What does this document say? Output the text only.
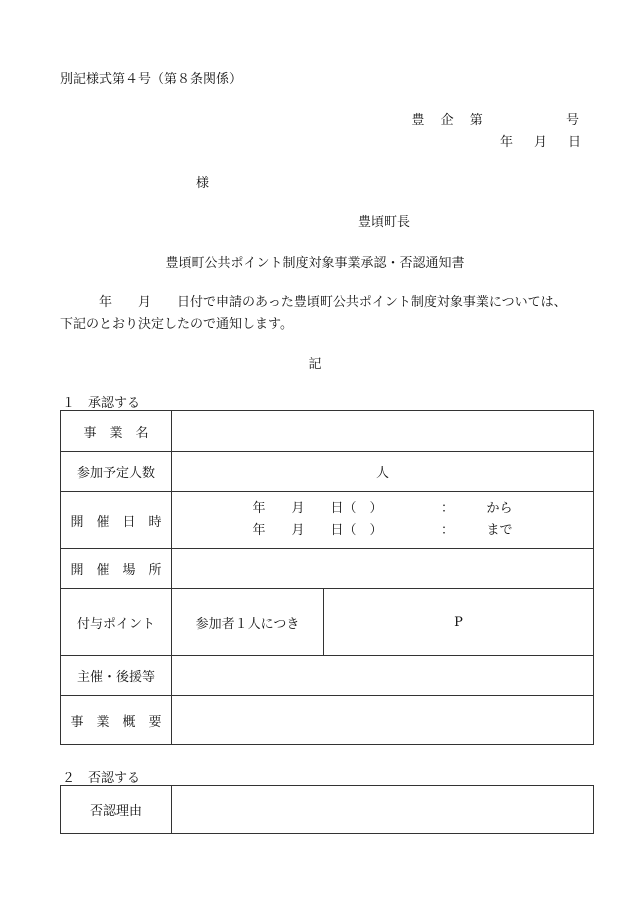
別記様式第４号（第８条関係）
豊 企 第 　　　 号
年　月　日
様
豊頃町長
豊頃町公共ポイント制度対象事業承認・否認通知書
　　　年　　月　　日付で申請のあった豊頃町公共ポイント制度対象事業については、
下記のとおり決定したので通知します。
記
１　承認する
事　業　名		
参加予定人数	人	
開　催　日　時	年　　月　　日（　）　　　　　：　　　から
年　　月　　日（　）　　　　　：　　　まで	

開　催　場　所		
付与ポイント	参加者１人につき	P
主催・後援等		
事　業　概　要		
２　否認する
否認理由	
